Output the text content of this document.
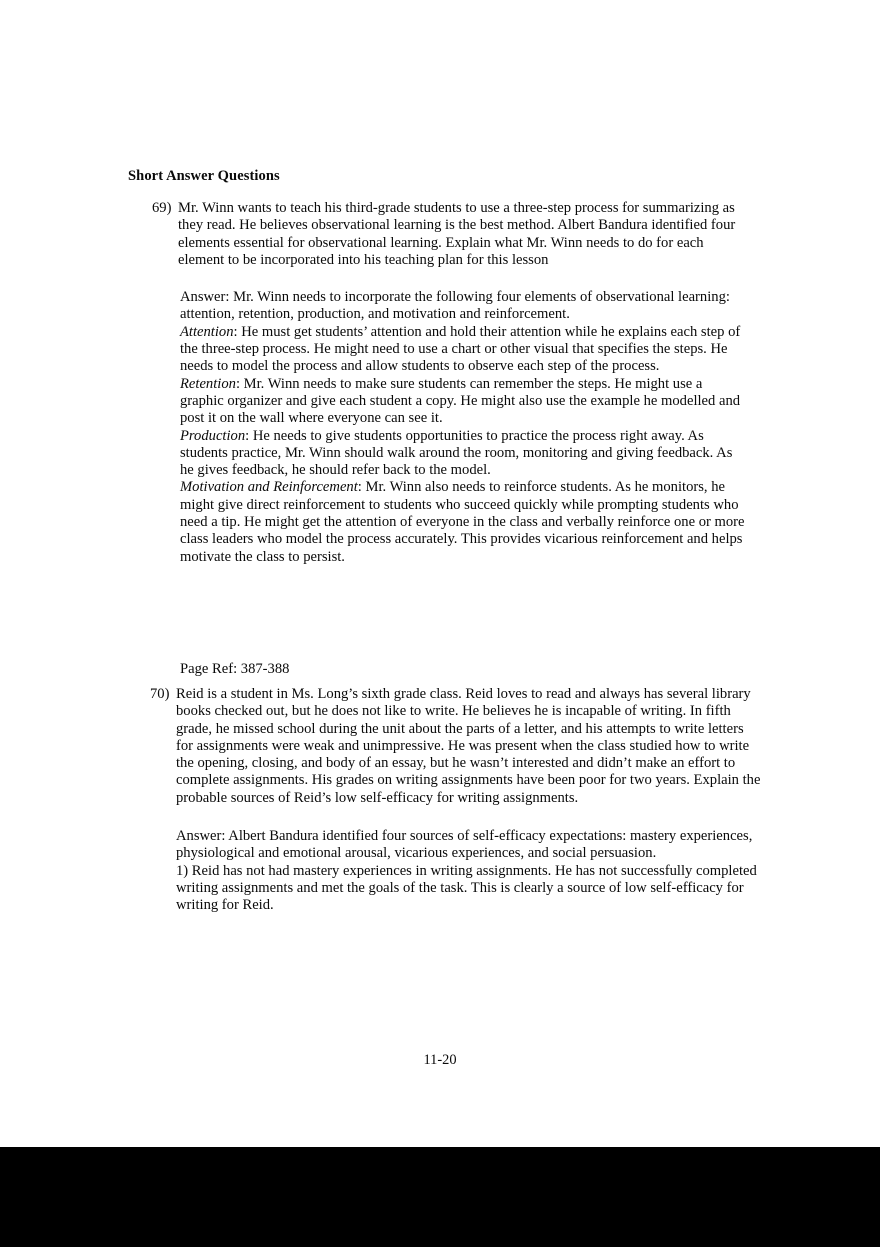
Short Answer Questions
69) Mr. Winn wants to teach his third-grade students to use a three-step process for summarizing as they read. He believes observational learning is the best method. Albert Bandura identified four elements essential for observational learning. Explain what Mr. Winn needs to do for each element to be incorporated into his teaching plan for this lesson

Answer: Mr. Winn needs to incorporate the following four elements of observational learning: attention, retention, production, and motivation and reinforcement.

Attention: He must get students’ attention and hold their attention while he explains each step of the three-step process. He might need to use a chart or other visual that specifies the steps. He needs to model the process and allow students to observe each step of the process.

Retention: Mr. Winn needs to make sure students can remember the steps. He might use a
graphic organizer and give each student a copy. He might also use the example he modelled and post it on the wall where everyone can see it.

Production: He needs to give students opportunities to practice the process right away. As students practice, Mr. Winn should walk around the room, monitoring and giving feedback. As he gives feedback, he should refer back to the model.

Motivation and Reinforcement: Mr. Winn also needs to reinforce students. As he monitors, he might give direct reinforcement to students who succeed quickly while prompting students who need a tip. He might get the attention of everyone in the class and verbally reinforce one or more class leaders who model the process accurately. This provides vicarious reinforcement and helps motivate the class to persist.

Page Ref: 387-388
70) Reid is a student in Ms. Long’s sixth grade class. Reid loves to read and always has several library books checked out, but he does not like to write. He believes he is incapable of writing. In fifth grade, he missed school during the unit about the parts of a letter, and his attempts to write letters for assignments were weak and unimpressive. He was present when the class studied how to write the opening, closing, and body of an essay, but he wasn’t interested and didn’t make an effort to complete assignments. His grades on writing assignments have been poor for two years. Explain the probable sources of Reid’s low self-efficacy for writing assignments.

Answer: Albert Bandura identified four sources of self-efficacy expectations: mastery experiences, physiological and emotional arousal, vicarious experiences, and social persuasion.

1) Reid has not had mastery experiences in writing assignments. He has not successfully completed writing assignments and met the goals of the task. This is clearly a source of low self-efficacy for writing for Reid.

11-20
